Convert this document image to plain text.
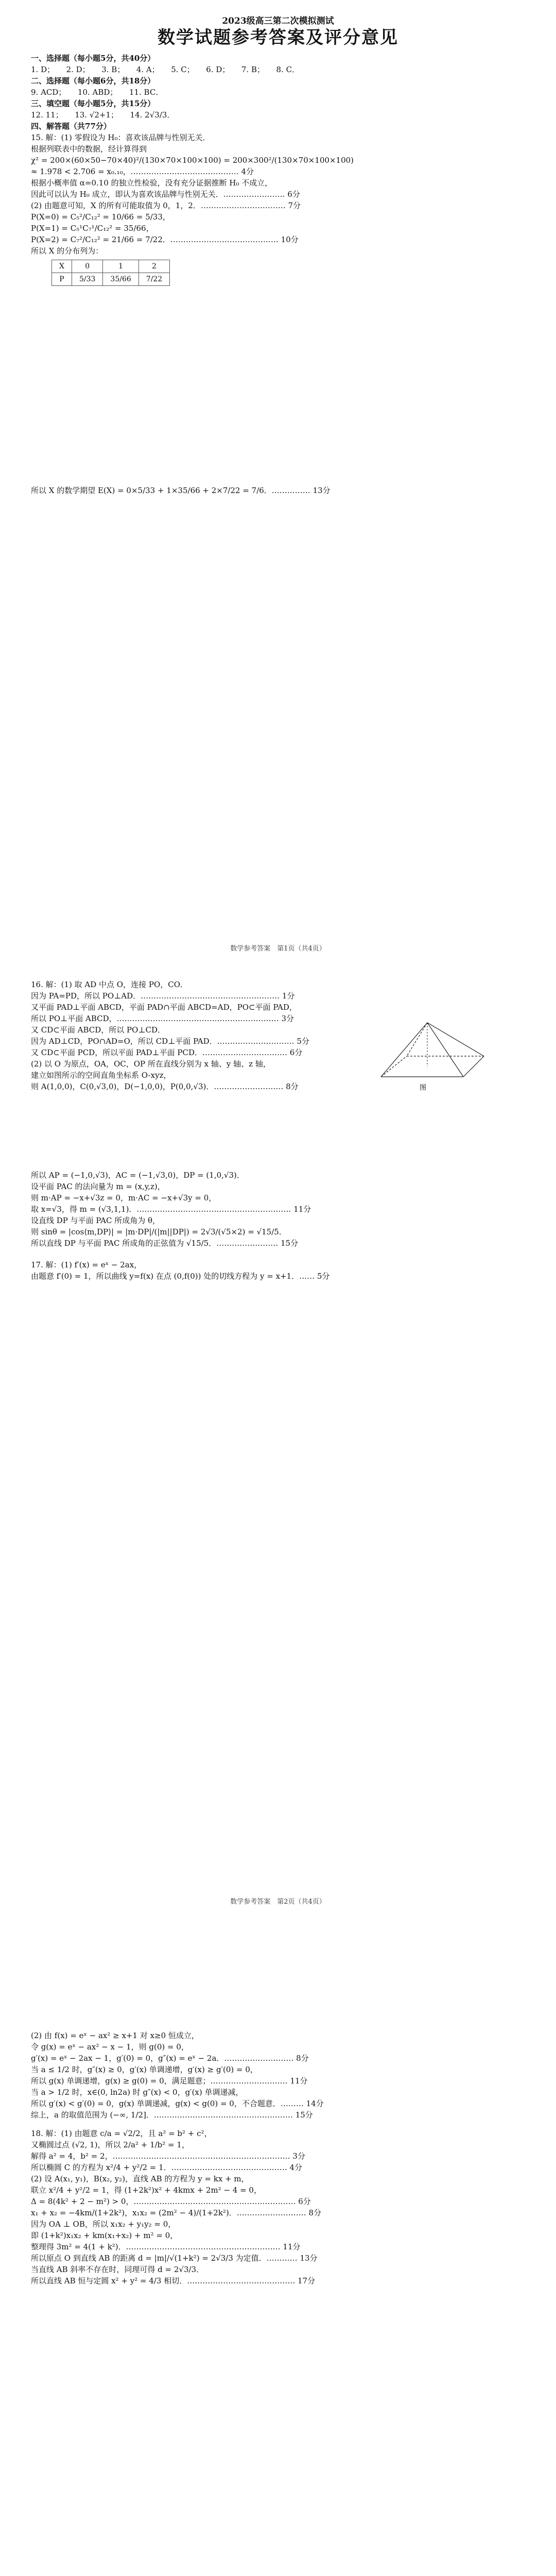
2023级高三第二次模拟测试

数学试题参考答案及评分意见

一、选择题（每小题5分，共40分）

1. D；　　2. D；　　3. B；　　4. A；　　5. C；　　6. D；　　7. B；　　8. C．

二、选择题（每小题6分，共18分）

9. ACD；　　10. ABD；　　11. BC．

三、填空题（每小题5分，共15分）

12. 11；　　13. √2+1；　　14. 2√3/3．

四、解答题（共77分）

15. 解：(1) 零假设为 H₀：喜欢该品牌与性别无关．

根据列联表中的数据，经计算得到

χ² = 200×(60×50−70×40)²/(130×70×100×100) = 200×300²/(130×70×100×100)

≈ 1.978 < 2.706 = x₀.₁₀，…………………………………… 4分

根据小概率值 α=0.10 的独立性检验，没有充分证据推断 H₀ 不成立，

因此可以认为 H₀ 成立，即认为喜欢该品牌与性别无关．…………………… 6分

(2) 由题意可知，X 的所有可能取值为 0，1，2．…………………………… 7分

P(X=0) = C₅²/C₁₂² = 10/66 = 5/33，

P(X=1) = C₅¹C₇¹/C₁₂² = 35/66，

P(X=2) = C₇²/C₁₂² = 21/66 = 7/22．…………………………………… 10分

所以 X 的分布列为：

X	0	1	2
P	5/33	35/66	7/22

所以 X 的数学期望 E(X) = 0×5/33 + 1×35/66 + 2×7/22 = 7/6．…………… 13分

数学参考答案　第1页（共4页）

16. 解：(1) 取 AD 中点 O，连接 PO，CO．

因为 PA=PD，所以 PO⊥AD．……………………………………………… 1分

又平面 PAD⊥平面 ABCD，平面 PAD∩平面 ABCD=AD，PO⊂平面 PAD，

所以 PO⊥平面 ABCD，……………………………………………………… 3分

又 CD⊂平面 ABCD，所以 PO⊥CD．

因为 AD⊥CD，PO∩AD=O，所以 CD⊥平面 PAD．………………………… 5分

又 CD⊂平面 PCD，所以平面 PAD⊥平面 PCD．…………………………… 6分

(2) 以 O 为原点，OA，OC，OP 所在直线分别为 x 轴、y 轴、z 轴，

建立如图所示的空间直角坐标系 O-xyz，

则 A(1,0,0)，C(0,√3,0)，D(−1,0,0)，P(0,0,√3)．……………………… 8分	图

所以 AP = (−1,0,√3)，AC = (−1,√3,0)，DP = (1,0,√3)．

设平面 PAC 的法向量为 m = (x,y,z)，

则 m·AP = −x+√3z = 0，m·AC = −x+√3y = 0，

取 x=√3，得 m = (√3,1,1)．…………………………………………………… 11分

设直线 DP 与平面 PAC 所成角为 θ，

则 sinθ = |cos⟨m,DP⟩| = |m·DP|/(|m||DP|) = 2√3/(√5×2) = √15/5．

所以直线 DP 与平面 PAC 所成角的正弦值为 √15/5．…………………… 15分

17. 解：(1) f′(x) = eˣ − 2ax，

由题意 f′(0) = 1，所以曲线 y=f(x) 在点 (0,f(0)) 处的切线方程为 y = x+1．…… 5分

数学参考答案　第2页（共4页）

(2) 由 f(x) = eˣ − ax² ≥ x+1 对 x≥0 恒成立，

令 g(x) = eˣ − ax² − x − 1，则 g(0) = 0，

g′(x) = eˣ − 2ax − 1，g′(0) = 0，g″(x) = eˣ − 2a．……………………… 8分

当 a ≤ 1/2 时，g″(x) ≥ 0，g′(x) 单调递增，g′(x) ≥ g′(0) = 0，

所以 g(x) 单调递增，g(x) ≥ g(0) = 0，满足题意；………………………… 11分

当 a > 1/2 时，x∈(0, ln2a) 时 g″(x) < 0，g′(x) 单调递减，

所以 g′(x) < g′(0) = 0，g(x) 单调递减，g(x) < g(0) = 0，不合题意．……… 14分

综上，a 的取值范围为 (−∞, 1/2]．……………………………………………… 15分

18. 解：(1) 由题意 c/a = √2/2，且 a² = b² + c²，

又椭圆过点 (√2, 1)，所以 2/a² + 1/b² = 1，

解得 a² = 4，b² = 2，…………………………………………………………… 3分

所以椭圆 C 的方程为 x²/4 + y²/2 = 1．……………………………………… 4分

(2) 设 A(x₁, y₁)，B(x₂, y₂)，直线 AB 的方程为 y = kx + m，

联立 x²/4 + y²/2 = 1，得 (1+2k²)x² + 4kmx + 2m² − 4 = 0，

Δ = 8(4k² + 2 − m²) > 0，……………………………………………………… 6分

x₁ + x₂ = −4km/(1+2k²)，x₁x₂ = (2m² − 4)/(1+2k²)．……………………… 8分

因为 OA ⊥ OB，所以 x₁x₂ + y₁y₂ = 0，

即 (1+k²)x₁x₂ + km(x₁+x₂) + m² = 0，

整理得 3m² = 4(1 + k²)．…………………………………………………… 11分

所以原点 O 到直线 AB 的距离 d = |m|/√(1+k²) = 2√3/3 为定值．………… 13分

当直线 AB 斜率不存在时，同理可得 d = 2√3/3．

所以直线 AB 恒与定圆 x² + y² = 4/3 相切．…………………………………… 17分
